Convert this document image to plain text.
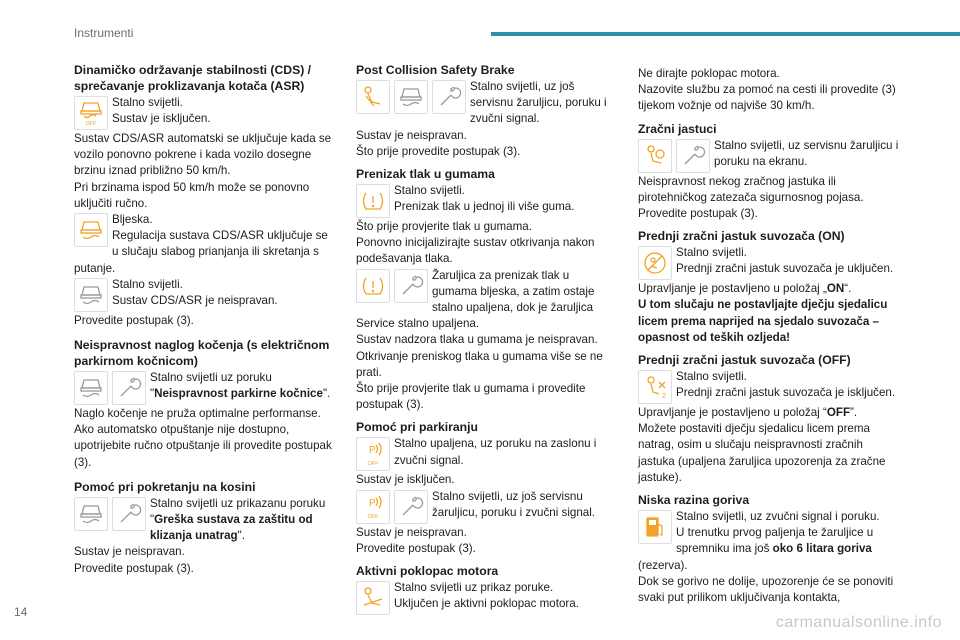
Instrumenti
Dinamičko održavanje stabilnosti (CDS) / sprečavanje proklizavanja kotača (ASR)
OFF

Stalno svijetli.

Sustav je isključen.

Sustav CDS/ASR automatski se uključuje kada se vozilo ponovno pokrene i kada vozilo dosegne brzinu iznad približno 50 km/h.

Pri brzinama ispod 50 km/h može se ponovno uključiti ručno.

Bljeska.

Regulacija sustava CDS/ASR uključuje se u slučaju slabog prianjanja ili skretanja s putanje.

Stalno svijetli.

Sustav CDS/ASR je neispravan.

Provedite postupak (3).

Neispravnost naglog kočenja (s električnom parkirnom kočnicom)

Stalno svijetli uz poruku "Neispravnost parkirne kočnice".

Naglo kočenje ne pruža optimalne performanse.

Ako automatsko otpuštanje nije dostupno, upotrijebite ručno otpuštanje ili provedite postupak (3).

Pomoć pri pokretanju na kosini

Stalno svijetli uz prikazanu poruku "Greška sustava za zaštitu od klizanja unatrag".

Sustav je neispravan.

Provedite postupak (3).

Post Collision Safety Brake

Stalno svijetli, uz još servisnu žaruljicu, poruku i zvučni signal.

Sustav je neispravan.

Što prije provedite postupak (3).

Prenizak tlak u gumama

Stalno svijetli.

Prenizak tlak u jednoj ili više guma.

Što prije provjerite tlak u gumama.

Ponovno inicijalizirajte sustav otkrivanja nakon podešavanja tlaka.

Žaruljica za prenizak tlak u gumama bljeska, a zatim ostaje stalno upaljena, dok je žaruljica Service stalno upaljena.

Sustav nadzora tlaka u gumama je neispravan.

Otkrivanje preniskog tlaka u gumama više se ne prati.

Što prije provjerite tlak u gumama i provedite postupak (3).

Pomoć pri parkiranju
P
OFF

Stalno upaljena, uz poruku na zaslonu i zvučni signal.

Sustav je isključen.

P
OFF

Stalno svijetli, uz još servisnu žaruljicu, poruku i zvučni signal.

Sustav je neispravan.

Provedite postupak (3).

Aktivni poklopac motora

Stalno svijetli uz prikaz poruke.

Uključen je aktivni poklopac motora.

Ne dirajte poklopac motora.

Nazovite službu za pomoć na cesti ili provedite (3) tijekom vožnje od najviše 30 km/h.

Zračni jastuci

Stalno svijetli, uz servisnu žaruljicu i poruku na ekranu.

Neispravnost nekog zračnog jastuka ili pirotehničkog zatezača sigurnosnog pojasa.

Provedite postupak (3).

Prednji zračni jastuk suvozača (ON)

Stalno svijetli.

Prednji zračni jastuk suvozača je uključen.

Upravljanje je postavljeno u položaj „ON“.

U tom slučaju ne postavljajte dječju sjedalicu licem prema naprijed na sjedalo suvozača – opasnost od teških ozljeda!

Prednji zračni jastuk suvozača (OFF)
2

Stalno svijetli.

Prednji zračni jastuk suvozača je isključen.

Upravljanje je postavljeno u položaj “OFF”.

Možete postaviti dječju sjedalicu licem prema natrag, osim u slučaju neispravnosti zračnih jastuka (upaljena žaruljica upozorenja za zračne jastuke).

Niska razina goriva

Stalno svijetli, uz zvučni signal i poruku.

U trenutku prvog paljenja te žaruljice u spremniku ima još oko 6 litara goriva (rezerva).

Dok se gorivo ne dolije, upozorenje će se ponoviti svaki put prilikom uključivanja kontakta,

14
carmanualsonline.info
